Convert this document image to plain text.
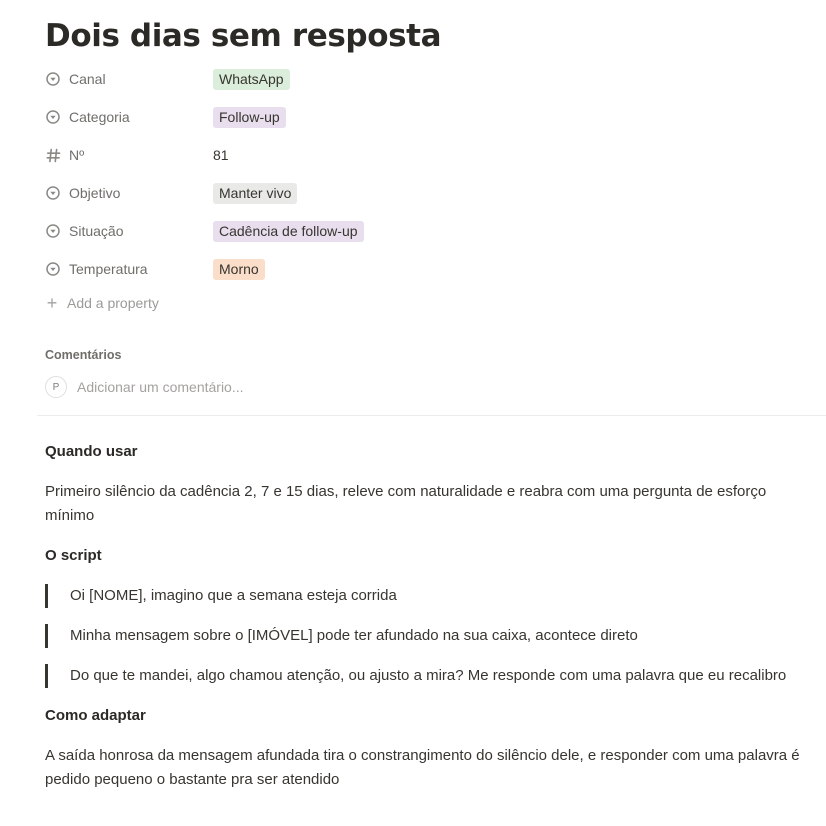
Dois dias sem resposta
Canal	WhatsApp
Categoria	Follow-up
Nº	81
Objetivo	Manter vivo
Situação	Cadência de follow-up
Temperatura	Morno
+ Add a property
Comentários
P	Adicionar um comentário...

Quando usar

Primeiro silêncio da cadência 2, 7 e 15 dias, releve com naturalidade e reabra com uma pergunta de esforço mínimo

O script

Oi [NOME], imagino que a semana esteja corrida
Minha mensagem sobre o [IMÓVEL] pode ter afundado na sua caixa, acontece direto
Do que te mandei, algo chamou atenção, ou ajusto a mira? Me responde com uma palavra que eu recalibro

Como adaptar

A saída honrosa da mensagem afundada tira o constrangimento do silêncio dele, e responder com uma palavra é pedido pequeno o bastante pra ser atendido
